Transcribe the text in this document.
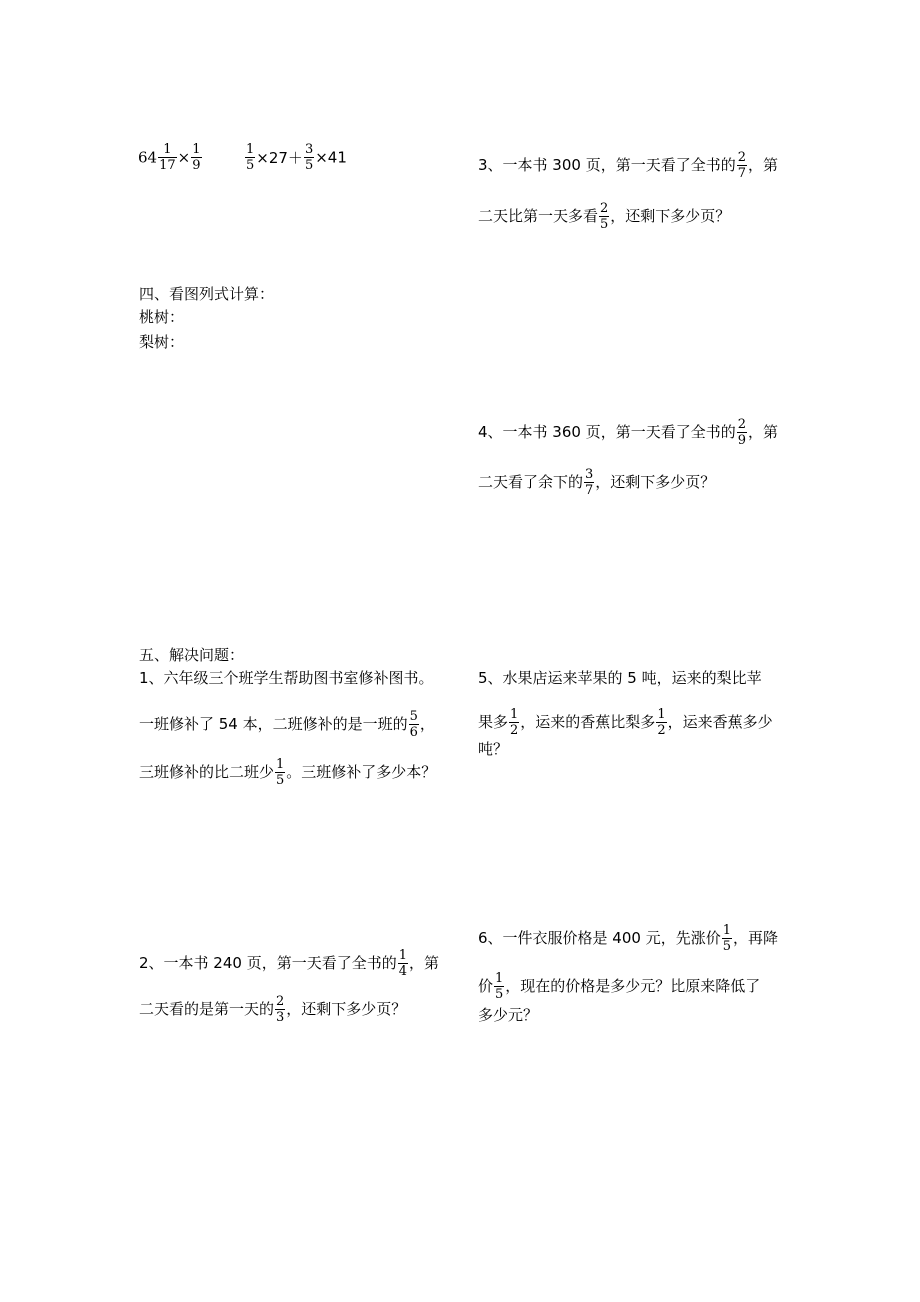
$64 \frac{1}{17} \times \frac{1}{9}$	$\frac{1}{5} \times 27+ \frac{3}{5} \times 41$	3、一本书 300 页，第一天看了全书的 $\frac{2}{7}$ ，第
二天比第一天多看 $\frac{2}{5}$ ，还剩下多少页？
四、看图列式计算：
桃树：
梨树：
4、一本书 360 页，第一天看了全书的 $\frac{2}{9}$ ，第
二天看了余下的 $\frac{3}{7}$ ，还剩下多少页？
五、解决问题：
1、六年级三个班学生帮助图书室修补图书。
一班修补了 54 本，二班修补的是一班的 $\frac{5}{6}$ ，
三班修补的比二班少 $\frac{1}{5}$ 。三班修补了多少本？
5、水果店运来苹果的 5 吨，运来的梨比苹
果多 $\frac{1}{2}$ ，运来的香蕉比梨多 $\frac{1}{2}$ ，运来香蕉多少
吨？
6、一件衣服价格是 400 元，先涨价 $\frac{1}{5}$ ，再降
价 $\frac{1}{5}$ ，现在的价格是多少元？比原来降低了
多少元？
2、一本书 240 页，第一天看了全书的 $\frac{1}{4}$ ，第
二天看的是第一天的 $\frac{2}{3}$ ，还剩下多少页？
